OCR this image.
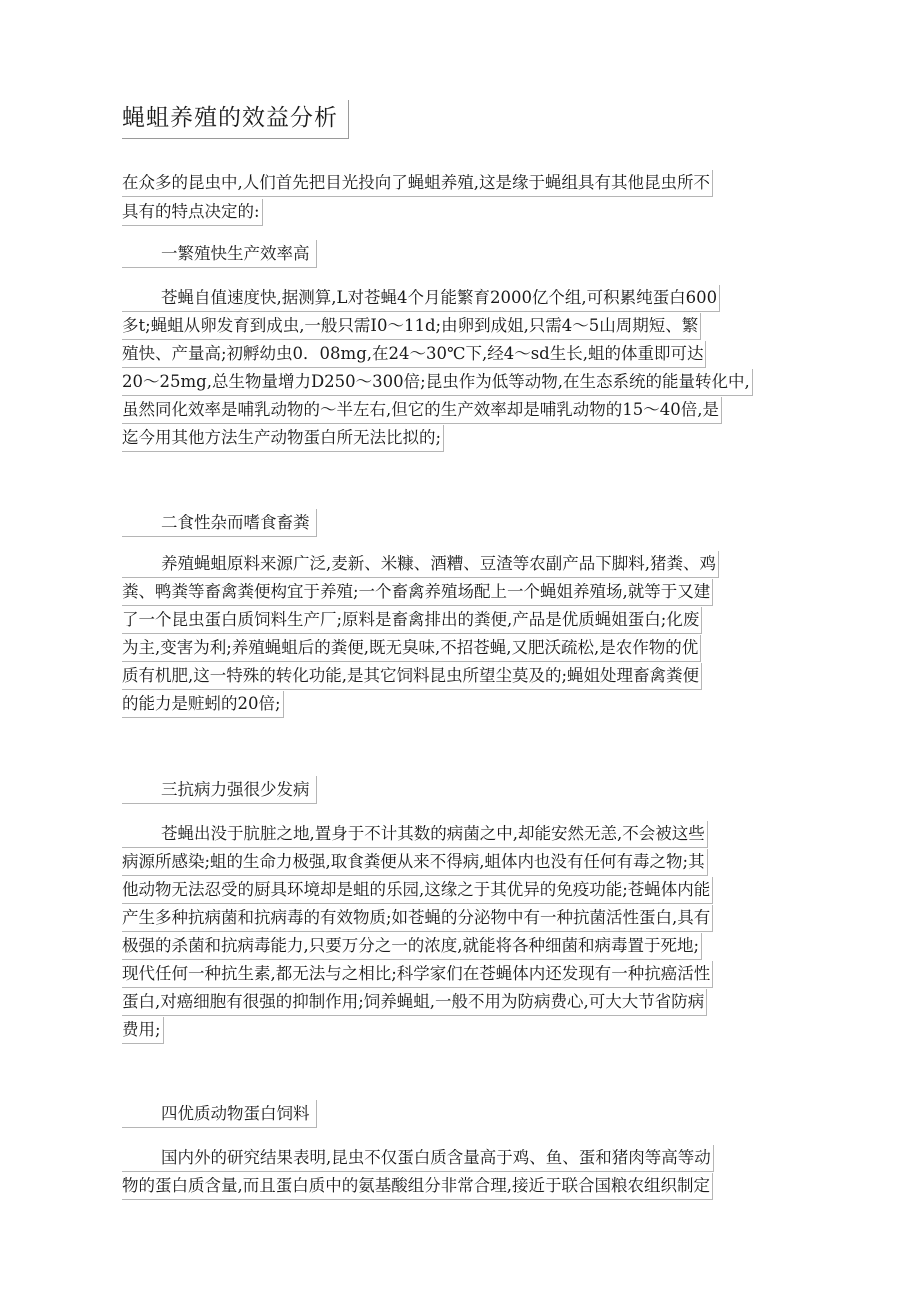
蝇蛆养殖的效益分析
在众多的昆虫中,人们首先把目光投向了蝇蛆养殖,这是缘于蝇组具有其他昆虫所不
具有的特点决定的:
一繁殖快生产效率高
苍蝇自值速度快,据测算,L对苍蝇4个月能繁育2000亿个组,可积累纯蛋白600
多t;蝇蛆从卵发育到成虫,一般只需I0～11d;由卵到成姐,只需4～5山周期短、繁
殖快、产量高;初孵幼虫0．08mg,在24～30℃下,经4～sd生长,蛆的体重即可达
20～25mg,总生物量增力D250～300倍;昆虫作为低等动物,在生态系统的能量转化中,
虽然同化效率是哺乳动物的～半左右,但它的生产效率却是哺乳动物的15～40倍,是
迄今用其他方法生产动物蛋白所无法比拟的;
二食性杂而嗜食畜粪
养殖蝇蛆原料来源广泛,麦新、米糠、酒糟、豆渣等农副产品下脚料,猪粪、鸡
粪、鸭粪等畜禽粪便构宜于养殖;一个畜禽养殖场配上一个蝇姐养殖场,就等于又建
了一个昆虫蛋白质饲料生产厂;原料是畜禽排出的粪便,产品是优质蝇姐蛋白;化废
为主,变害为利;养殖蝇蛆后的粪便,既无臭味,不招苍蝇,又肥沃疏松,是农作物的优
质有机肥,这一特殊的转化功能,是其它饲料昆虫所望尘莫及的;蝇姐处理畜禽粪便
的能力是赃蚓的20倍;
三抗病力强很少发病
苍蝇出没于肮脏之地,置身于不计其数的病菌之中,却能安然无恙,不会被这些
病源所感染;蛆的生命力极强,取食粪便从来不得病,蛆体内也没有任何有毒之物;其
他动物无法忍受的厨具环境却是蛆的乐园,这缘之于其优异的免疫功能;苍蝇体内能
产生多种抗病菌和抗病毒的有效物质;如苍蝇的分泌物中有一种抗菌活性蛋白,具有
极强的杀菌和抗病毒能力,只要万分之一的浓度,就能将各种细菌和病毒置于死地;
现代任何一种抗生素,都无法与之相比;科学家们在苍蝇体内还发现有一种抗癌活性
蛋白,对癌细胞有很强的抑制作用;饲养蝇蛆,一般不用为防病费心,可大大节省防病
费用;
四优质动物蛋白饲料
国内外的研究结果表明,昆虫不仅蛋白质含量高于鸡、鱼、蛋和猪肉等高等动
物的蛋白质含量,而且蛋白质中的氨基酸组分非常合理,接近于联合国粮农组织制定
